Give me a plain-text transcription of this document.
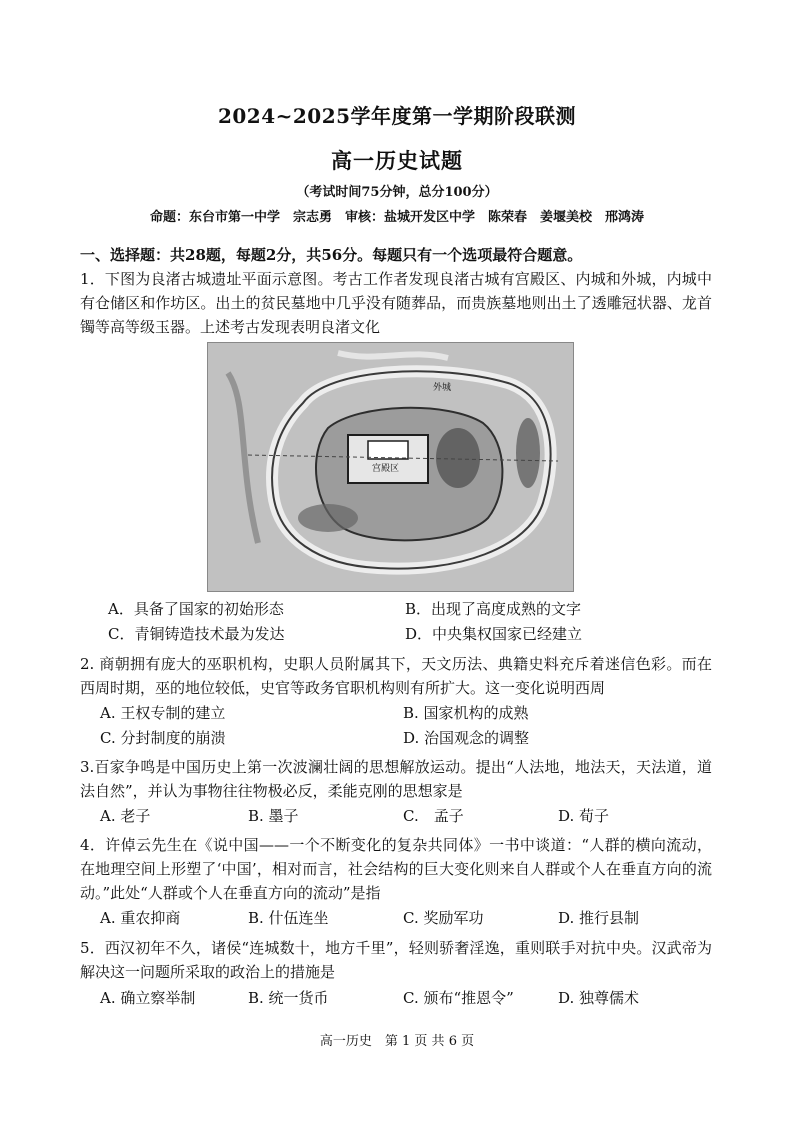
2024~2025学年度第一学期阶段联测
高一历史试题
（考试时间75分钟，总分100分）
命题：东台市第一中学　宗志勇　审核：盐城开发区中学　陈荣春　姜堰美校　邢鸿涛
一、选择题：共28题，每题2分，共56分。每题只有一个选项最符合题意。
1．下图为良渚古城遗址平面示意图。考古工作者发现良渚古城有宫殿区、内城和外城，内城中有仓储区和作坊区。出土的贫民墓地中几乎没有随葬品，而贵族墓地则出土了透雕冠状器、龙首镯等高等级玉器。上述考古发现表明良渚文化
外城
宫殿区
A．具备了国家的初始形态	B．出现了高度成熟的文字
C．青铜铸造技术最为发达	D．中央集权国家已经建立
2. 商朝拥有庞大的巫职机构，史职人员附属其下，天文历法、典籍史料充斥着迷信色彩。而在西周时期，巫的地位较低，史官等政务官职机构则有所扩大。这一变化说明西周
A. 王权专制的建立	B. 国家机构的成熟
C. 分封制度的崩溃	D. 治国观念的调整
3.百家争鸣是中国历史上第一次波澜壮阔的思想解放运动。提出“人法地，地法天，天法道，道法自然”，并认为事物往往物极必反，柔能克刚的思想家是
A. 老子	B. 墨子	C.　孟子	D. 荀子
4．许倬云先生在《说中国——一个不断变化的复杂共同体》一书中谈道：“人群的横向流动，在地理空间上形塑了‘中国’，相对而言，社会结构的巨大变化则来自人群或个人在垂直方向的流动。”此处“人群或个人在垂直方向的流动”是指
A. 重农抑商	B. 什伍连坐	C. 奖励军功	D. 推行县制
5．西汉初年不久，诸侯“连城数十，地方千里”，轻则骄奢淫逸，重则联手对抗中央。汉武帝为解决这一问题所采取的政治上的措施是
A. 确立察举制	B. 统一货币	C. 颁布“推恩令”	D. 独尊儒术
高一历史　第 1 页 共 6 页
